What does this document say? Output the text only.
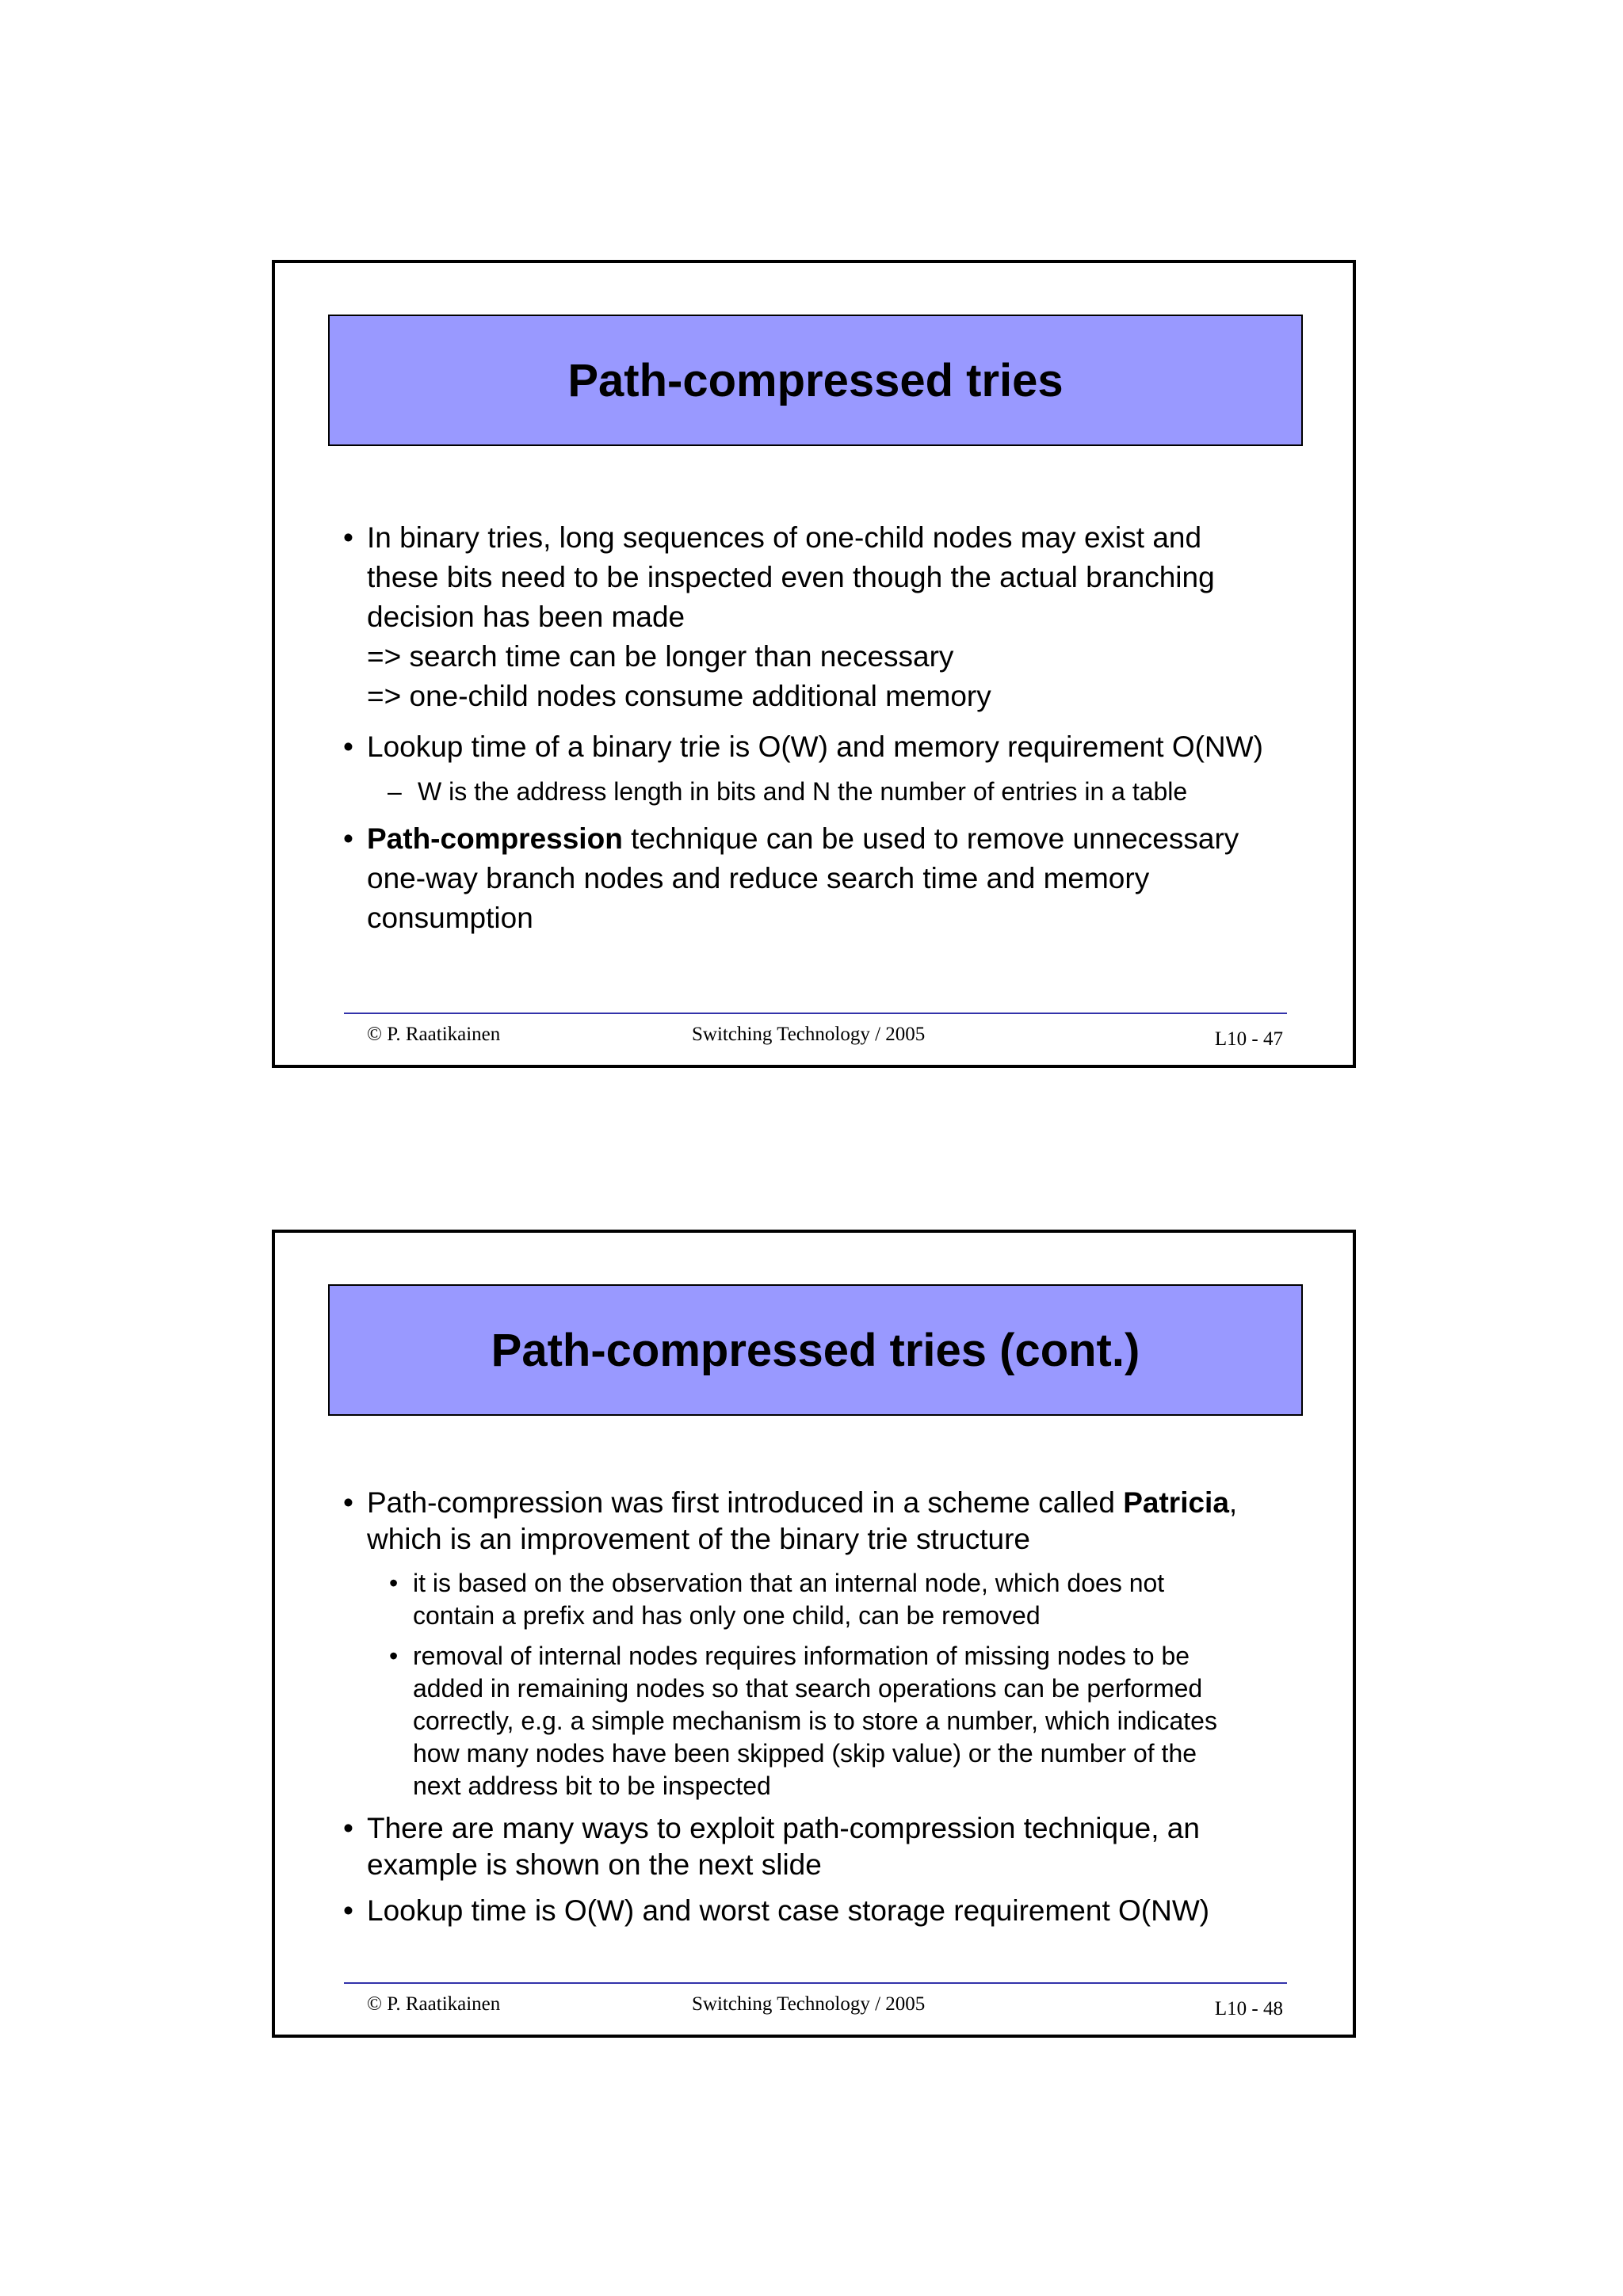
Path-compressed tries
• In binary tries, long sequences of one-child nodes may exist and
these bits need to be inspected even though the actual branching
decision has been made
=> search time can be longer than necessary
=> one-child nodes consume additional memory
• Lookup time of a binary trie is O(W) and memory requirement O(NW)
– W is the address length in bits and N the number of entries in a table
• Path-compression technique can be used to remove unnecessary
one-way branch nodes and reduce search time and memory
consumption
© P. Raatikainen	Switching Technology / 2005	L10 - 47
Path-compressed tries (cont.)
• Path-compression was first introduced in a scheme called Patricia,
which is an improvement of the binary trie structure
• it is based on the observation that an internal node, which does not
contain a prefix and has only one child, can be removed
• removal of internal nodes requires information of missing nodes to be
added in remaining nodes so that search operations can be performed
correctly, e.g. a simple mechanism is to store a number, which indicates
how many nodes have been skipped (skip value) or the number of the
next address bit to be inspected
• There are many ways to exploit path-compression technique, an
example is shown on the next slide
• Lookup time is O(W) and worst case storage requirement O(NW)
© P. Raatikainen	Switching Technology / 2005	L10 - 48
